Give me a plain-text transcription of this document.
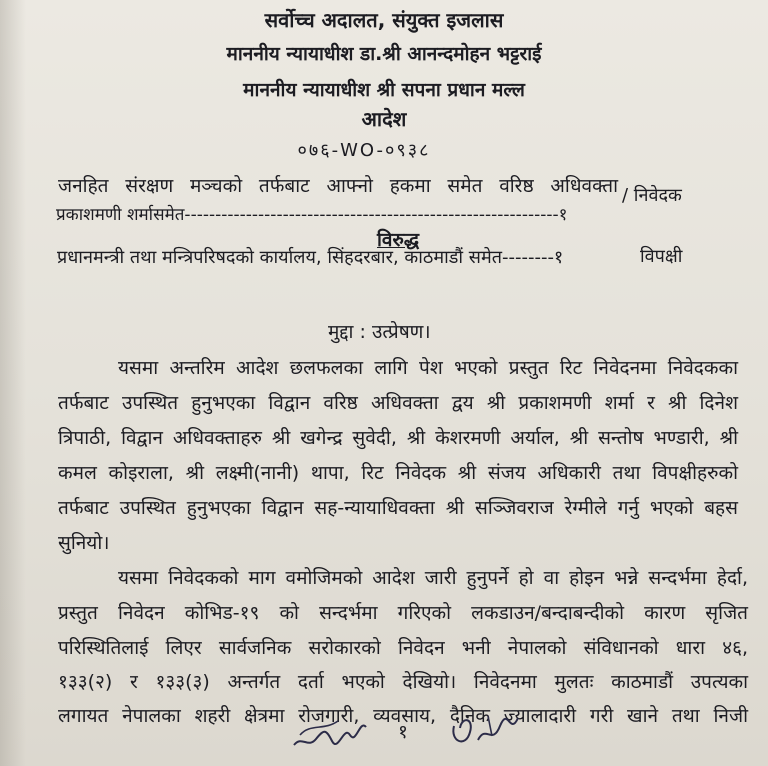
सर्वोच्च अदालत, संयुक्त इजलास
माननीय न्यायाधीश डा.श्री आनन्दमोहन भट्टराई
माननीय न्यायाधीश श्री सपना प्रधान मल्ल
आदेश
०७६-WO-०९३८
जनहित संरक्षण मञ्चको तर्फबाट आफ्नो हकमा समेत वरिष्ठ अधिवक्ता
प्रकाशमणी शर्मासमेत-------------------------------------------------------------१
/ निवेदक
विरुद्ध
प्रधानमन्त्री तथा मन्त्रिपरिषदको कार्यालय, सिंहदरबार, काठमाडौं समेत--------१	विपक्षी
मुद्दा : उत्प्रेषण।
यसमा अन्तरिम आदेश छलफलका लागि पेश भएको प्रस्तुत रिट निवेदनमा निवेदकका
तर्फबाट उपस्थित हुनुभएका विद्वान वरिष्ठ अधिवक्ता द्वय श्री प्रकाशमणी शर्मा र श्री दिनेश
त्रिपाठी, विद्वान अधिवक्ताहरु श्री खगेन्द्र सुवेदी, श्री केशरमणी अर्याल, श्री सन्तोष भण्डारी, श्री
कमल कोइराला, श्री लक्ष्मी(नानी) थापा, रिट निवेदक श्री संजय अधिकारी तथा विपक्षीहरुको
तर्फबाट उपस्थित हुनुभएका विद्वान सह-न्यायाधिवक्ता श्री सञ्जिवराज रेग्मीले गर्नु भएको बहस
सुनियो।
यसमा निवेदकको माग वमोजिमको आदेश जारी हुनुपर्ने हो वा होइन भन्ने सन्दर्भमा हेर्दा,
प्रस्तुत निवेदन कोभिड-१९ को सन्दर्भमा गरिएको लकडाउन/बन्दाबन्दीको कारण सृजित
परिस्थितिलाई लिएर सार्वजनिक सरोकारको निवेदन भनी नेपालको संविधानको धारा ४६,
१३३(२) र १३३(३) अन्तर्गत दर्ता भएको देखियो। निवेदनमा मुलतः काठमाडौं उपत्यका
लगायत नेपालका शहरी क्षेत्रमा रोजगारी, व्यवसाय, दैनिक ज्यालादारी गरी खाने तथा निजी
१
